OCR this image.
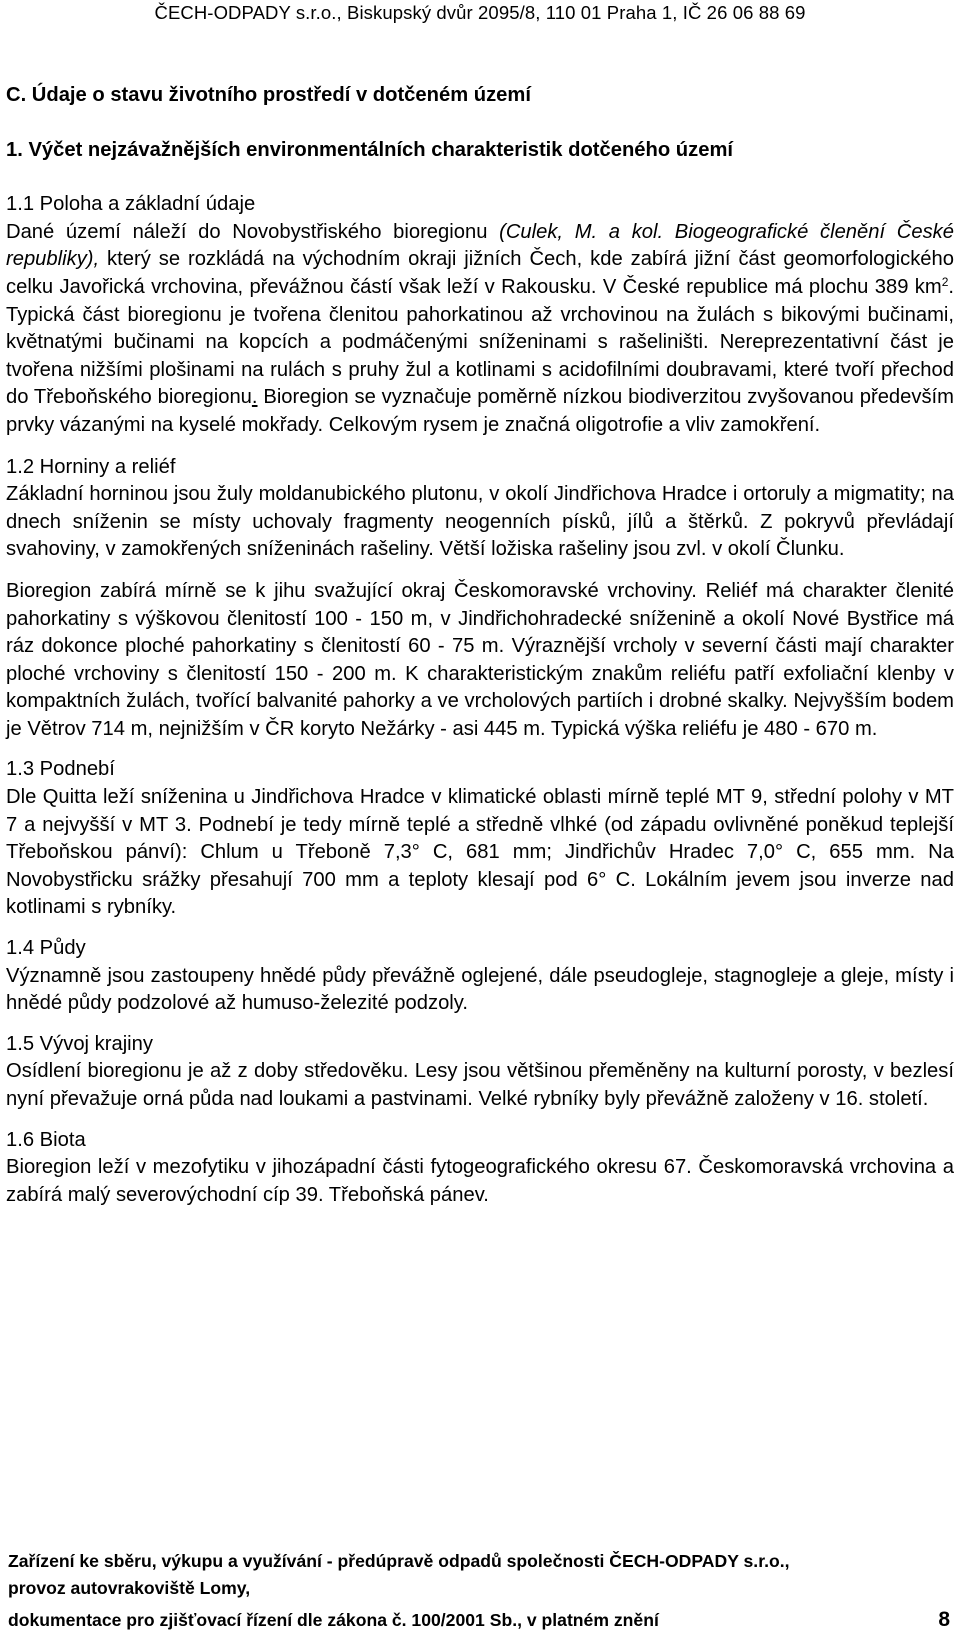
ČECH-ODPADY s.r.o., Biskupský dvůr 2095/8, 110 01 Praha 1, IČ 26 06 88 69

C. Údaje o stavu životního prostředí v dotčeném území

1. Výčet nejzávažnějších environmentálních charakteristik dotčeného území

1.1 Poloha a základní údaje

Dané území náleží do Novobystřiského bioregionu (Culek, M. a kol. Biogeografické členění České republiky), který se rozkládá na východním okraji jižních Čech, kde zabírá jižní část geomorfologického celku Javořická vrchovina, převážnou částí však leží v Rakousku. V České republice má plochu 389 $km^2$. Typická část bioregionu je tvořena členitou pahorkatinou až vrchovinou na žulách s bikovými bučinami, květnatými bučinami na kopcích a podmáčenými sníženinami s rašeliništi. Nereprezentativní část je tvořena nižšími plošinami na rulách s pruhy žul a kotlinami s acidofilními doubravami, které tvoří přechod do Třeboňského bioregionu. Bioregion se vyznačuje poměrně nízkou biodiverzitou zvyšovanou především prvky vázanými na kyselé mokřady. Celkovým rysem je značná oligotrofie a vliv zamokření.

1.2 Horniny a reliéf

Základní horninou jsou žuly moldanubického plutonu, v okolí Jindřichova Hradce i ortoruly a migmatity; na dnech sníženin se místy uchovaly fragmenty neogenních písků, jílů a štěrků. Z pokryvů převládají svahoviny, v zamokřených sníženinách rašeliny. Větší ložiska rašeliny jsou zvl. v okolí Člunku.

Bioregion zabírá mírně se k jihu svažující okraj Českomoravské vrchoviny. Reliéf má charakter členité pahorkatiny s výškovou členitostí 100 - 150 m, v Jindřichohradecké sníženině a okolí Nové Bystřice má ráz dokonce ploché pahorkatiny s členitostí 60 - 75 m. Výraznější vrcholy v severní části mají charakter ploché vrchoviny s členitostí 150 - 200 m. K charakteristickým znakům reliéfu patří exfoliační klenby v kompaktních žulách, tvořící balvanité pahorky a ve vrcholových partiích i drobné skalky. Nejvyšším bodem je Větrov 714 m, nejnižším v ČR koryto Nežárky - asi 445 m. Typická výška reliéfu je 480 - 670 m.

1.3 Podnebí

Dle Quitta leží sníženina u Jindřichova Hradce v klimatické oblasti mírně teplé MT 9, střední polohy v MT 7 a nejvyšší v MT 3. Podnebí je tedy mírně teplé a středně vlhké (od západu ovlivněné poněkud teplejší Třeboňskou pánví): Chlum u Třeboně 7,3° C, 681 mm; Jindřichův Hradec 7,0° C, 655 mm. Na Novobystřicku srážky přesahují 700 mm a teploty klesají pod 6° C. Lokálním jevem jsou inverze nad kotlinami s rybníky.

1.4 Půdy

Významně jsou zastoupeny hnědé půdy převážně oglejené, dále pseudogleje, stagnogleje a gleje, místy i hnědé půdy podzolové až humuso-železité podzoly.

1.5 Vývoj krajiny

Osídlení bioregionu je až z doby středověku. Lesy jsou většinou přeměněny na kulturní porosty, v bezlesí nyní převažuje orná půda nad loukami a pastvinami. Velké rybníky byly převážně založeny v 16. století.

1.6 Biota

Bioregion leží v mezofytiku v jihozápadní části fytogeografického okresu 67. Českomoravská vrchovina a zabírá malý severovýchodní cíp 39. Třeboňská pánev.

Zařízení ke sběru, výkupu a využívání - předúpravě odpadů společnosti ČECH-ODPADY s.r.o.,
provoz autovrakoviště Lomy,
dokumentace pro zjišťovací řízení dle zákona č. 100/2001 Sb., v platném znění	8
